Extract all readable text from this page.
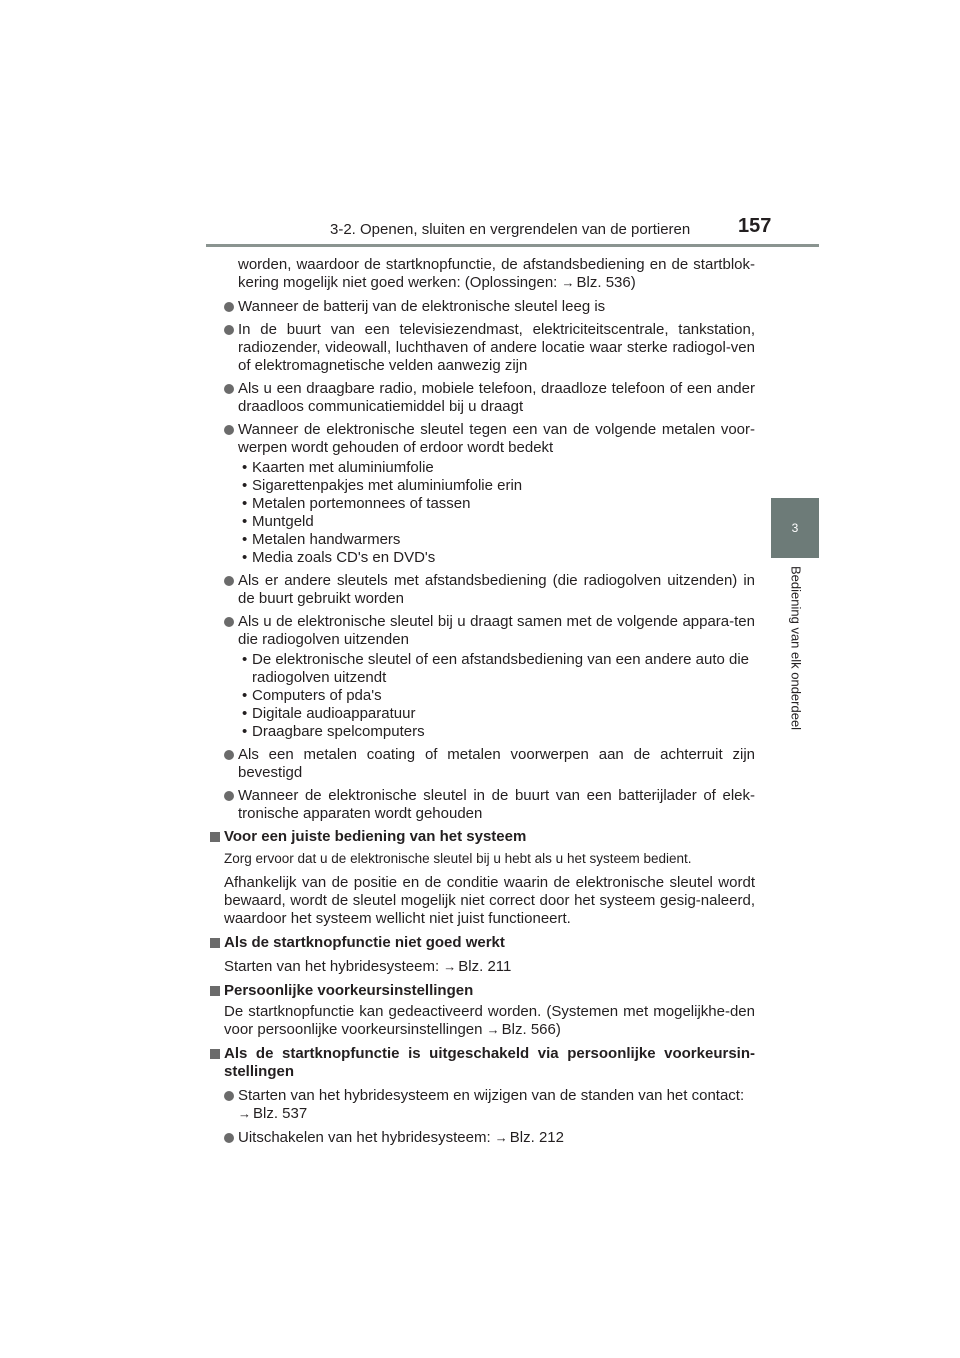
3-2. Openen, sluiten en vergrendelen van de portieren 157
3
Bediening van elk onderdeel

worden, waardoor de startknopfunctie, de afstandsbediening en de startblok- kering mogelijk niet goed werken: (Oplossingen: → Blz. 536)

Wanneer de batterij van de elektronische sleutel leeg is
In de buurt van een televisiezendmast, elektriciteitscentrale, tankstation, radiozender, videowall, luchthaven of andere locatie waar sterke radiogol-ven of elektromagnetische velden aanwezig zijn
Als u een draagbare radio, mobiele telefoon, draadloze telefoon of een ander draadloos communicatiemiddel bij u draagt
Wanneer de elektronische sleutel tegen een van de volgende metalen voor-werpen wordt gehouden of erdoor wordt bedekt
• Kaarten met aluminiumfolie
• Sigarettenpakjes met aluminiumfolie erin
• Metalen portemonnees of tassen
• Muntgeld
• Metalen handwarmers
• Media zoals CD's en DVD's
Als er andere sleutels met afstandsbediening (die radiogolven uitzenden) in de buurt gebruikt worden
Als u de elektronische sleutel bij u draagt samen met de volgende appara-ten die radiogolven uitzenden
• De elektronische sleutel of een afstandsbediening van een andere auto die radiogolven uitzendt
• Computers of pda's
• Digitale audioapparatuur
• Draagbare spelcomputers
Als een metalen coating of metalen voorwerpen aan de achterruit zijn bevestigd
Wanneer de elektronische sleutel in de buurt van een batterijlader of elek-tronische apparaten wordt gehouden
Voor een juiste bediening van het systeem
Zorg ervoor dat u de elektronische sleutel bij u hebt als u het systeem bedient.

Afhankelijk van de positie en de conditie waarin de elektronische sleutel wordt bewaard, wordt de sleutel mogelijk niet correct door het systeem gesig-naleerd, waardoor het systeem wellicht niet juist functioneert.

Als de startknopfunctie niet goed werkt

Starten van het hybridesysteem: → Blz. 211

Persoonlijke voorkeursinstellingen

De startknopfunctie kan gedeactiveerd worden. (Systemen met mogelijkhe-den voor persoonlijke voorkeursinstellingen → Blz. 566)

Als de startknopfunctie is uitgeschakeld via persoonlijke voorkeursin-stellingen
Starten van het hybridesysteem en wijzigen van de standen van het contact:
→ Blz. 537
Uitschakelen van het hybridesysteem: → Blz. 212
